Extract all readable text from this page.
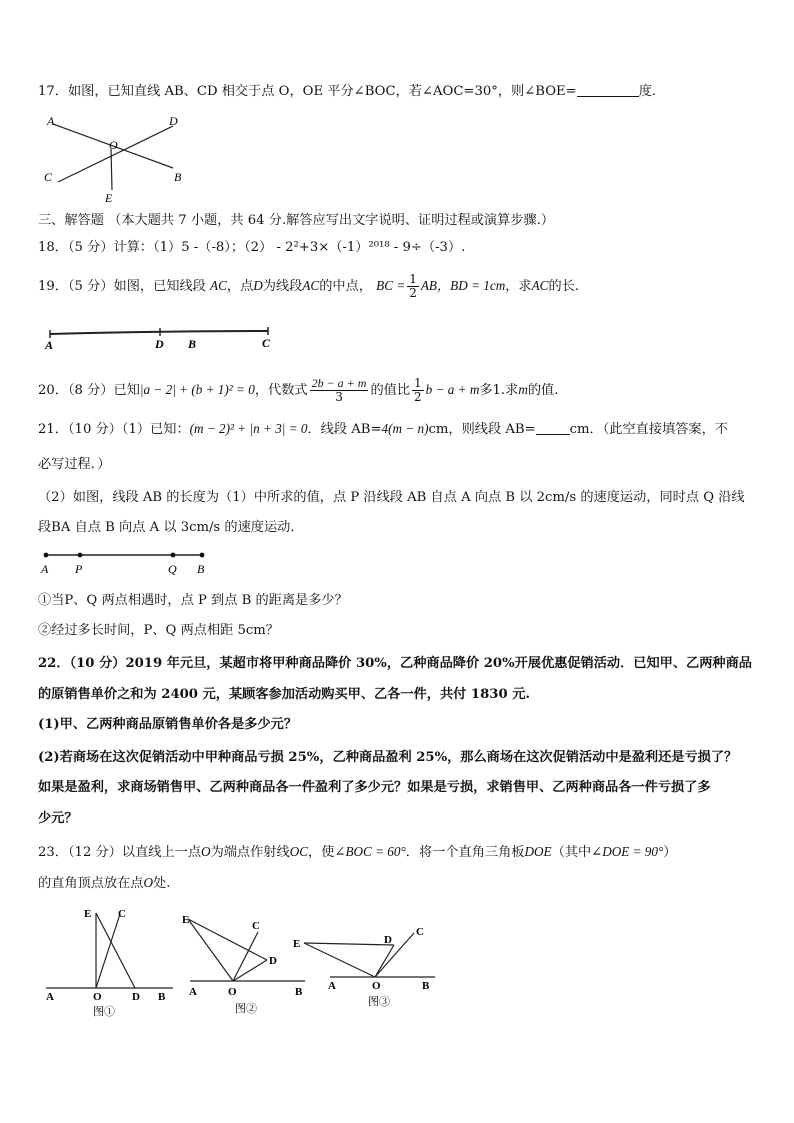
17．如图，已知直线 AB、CD 相交于点 O，OE 平分∠BOC，若∠AOC=30°，则∠BOE=	度.
A	D
O
C	B
E
三、解答题 （本大题共 7 小题，共 64 分.解答应写出文字说明、证明过程或演算步骤.）
18．（5 分）计算：（1）5 -（-8）；（2） - 2²+3×（-1）²⁰¹⁸ - 9÷（-3）.
19．（5 分）如图，已知线段 AC，点D为线段AC的中点， BC = $\frac{1}{2}$ AB，BD = 1cm，求AC的长.
A	D B	C
20．（8 分）已知|a − 2| + (b + 1)² = 0，代数式 $\frac{2b - a + m}{3}$ 的值比 $\frac{1}{2}$ b − a + m多1.求m的值.
21．（10 分）（1）已知：(m − 2)² + |n + 3| = 0．线段 AB=4(m − n)cm，则线段 AB=	cm．（此空直接填答案，不
必写过程．）
（2）如图，线段 AB 的长度为（1）中所求的值，点 P 沿线段 AB 自点 A 向点 B 以 2cm/s 的速度运动，同时点 Q 沿线
段BA 自点 B 向点 A 以 3cm/s 的速度运动．
A P	Q B
①当P、Q 两点相遇时，点 P 到点 B 的距离是多少？
②经过多长时间，P、Q 两点相距 5cm？
22．（10 分）2019 年元旦，某超市将甲种商品降价 30%，乙种商品降价 20%开展优惠促销活动．已知甲、乙两种商品
的原销售单价之和为 2400 元，某顾客参加活动购买甲、乙各一件，共付 1830 元.
(1)甲、乙两种商品原销售单价各是多少元？
(2)若商场在这次促销活动中甲种商品亏损 25%，乙种商品盈利 25%，那么商场在这次促销活动中是盈利还是亏损了？
如果是盈利，求商场销售甲、乙两种商品各一件盈利了多少元？如果是亏损，求销售甲、乙两种商品各一件亏损了多
少元？
23．（12 分）以直线上一点O为端点作射线OC，使∠BOC = 60°．将一个直角三角板DOE（其中∠DOE = 90°）
的直角顶点放在点O处.
E C
A	O	D B
图①
E	C
D
A	O	B
图②
E	D
C
A	O	B
图③
